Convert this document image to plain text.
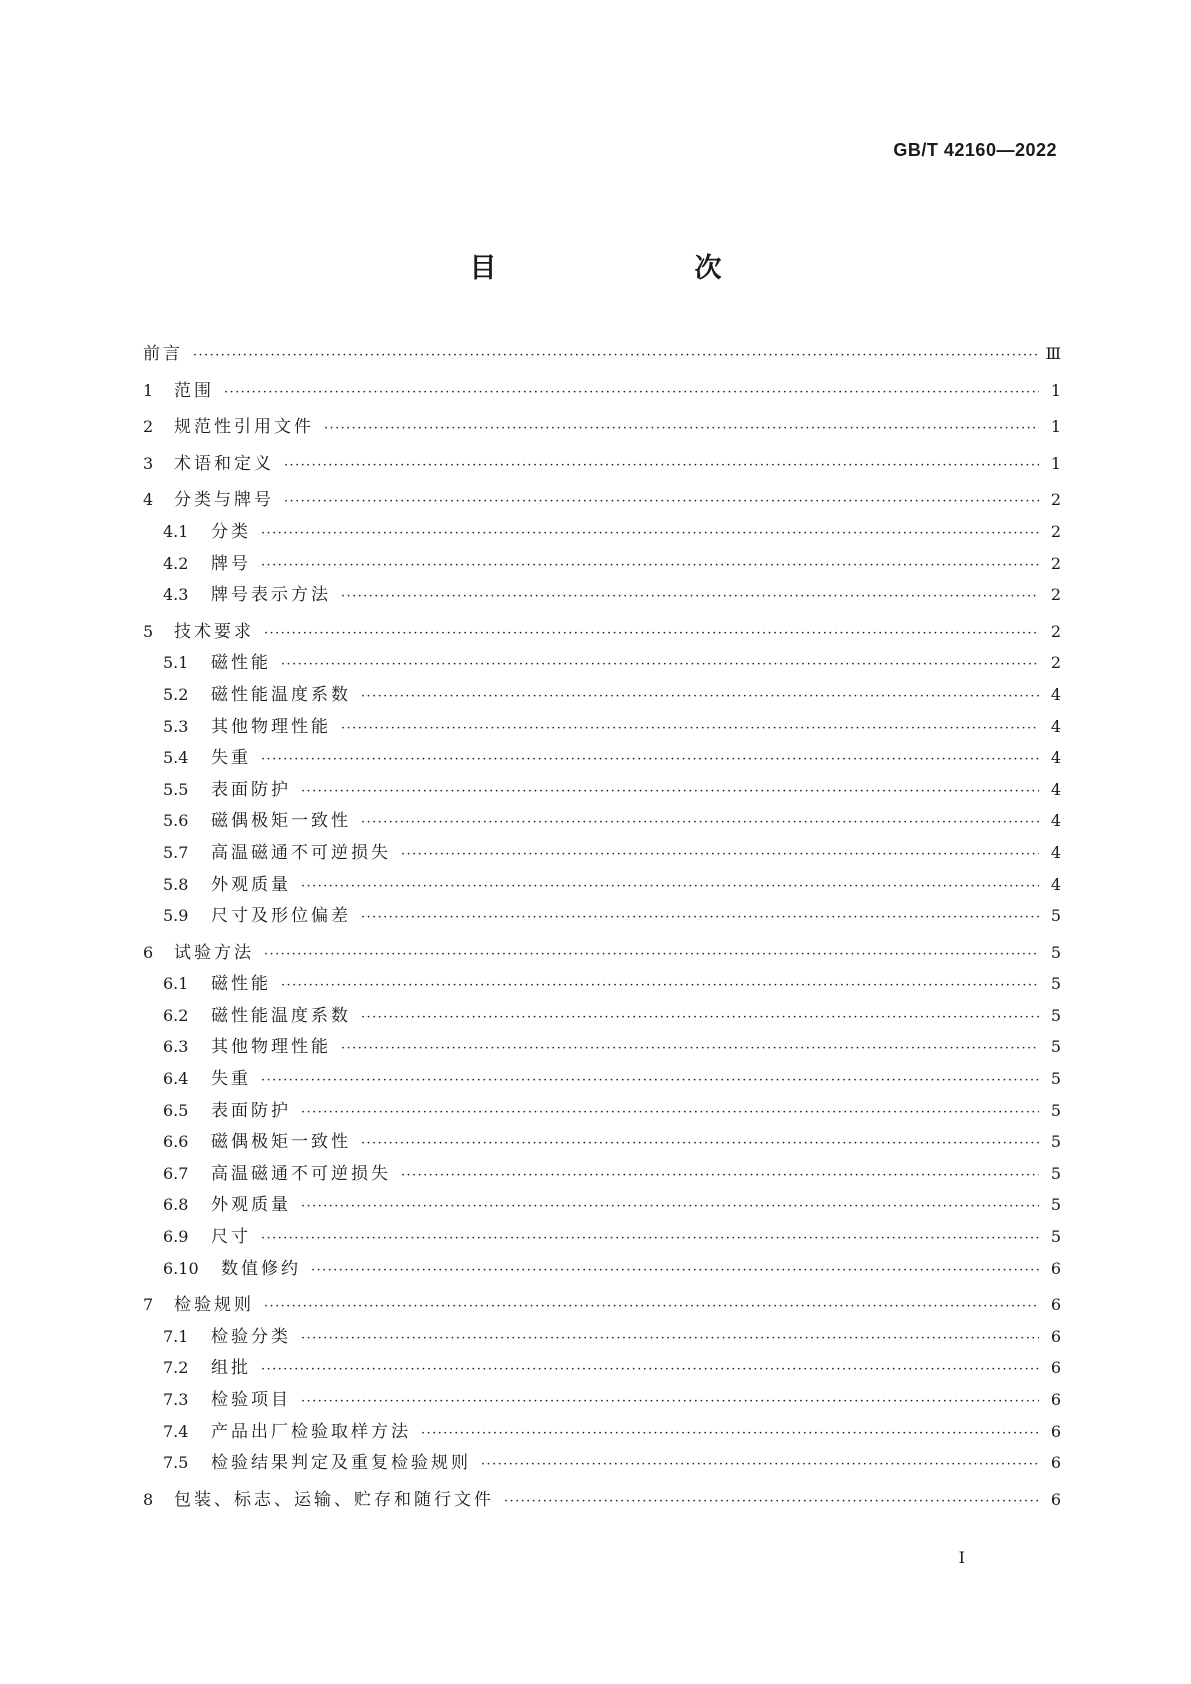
GB/T 42160—2022
目　　次
前言 ·····	Ⅲ
1	范围 ·····	1
2	规范性引用文件 ·····	1
3	术语和定义 ·····	1
4	分类与牌号 ·····	2
4.1	分类 ·····	2
4.2	牌号 ·····	2
4.3	牌号表示方法 ·····	2
5	技术要求 ·····	2
5.1	磁性能 ·····	2
5.2	磁性能温度系数 ·····	4
5.3	其他物理性能 ·····	4
5.4	失重 ·····	4
5.5	表面防护 ·····	4
5.6	磁偶极矩一致性 ·····	4
5.7	高温磁通不可逆损失 ·····	4
5.8	外观质量 ·····	4
5.9	尺寸及形位偏差 ·····	5
6	试验方法 ·····	5
6.1	磁性能 ·····	5
6.2	磁性能温度系数 ·····	5
6.3	其他物理性能 ·····	5
6.4	失重 ·····	5
6.5	表面防护 ·····	5
6.6	磁偶极矩一致性 ·····	5
6.7	高温磁通不可逆损失 ·····	5
6.8	外观质量 ·····	5
6.9	尺寸 ·····	5
6.10	数值修约 ·····	6
7	检验规则 ·····	6
7.1	检验分类 ·····	6
7.2	组批 ·····	6
7.3	检验项目 ·····	6
7.4	产品出厂检验取样方法 ·····	6
7.5	检验结果判定及重复检验规则 ·····	6
8	包装、标志、运输、贮存和随行文件 ·····	6
Ⅰ
